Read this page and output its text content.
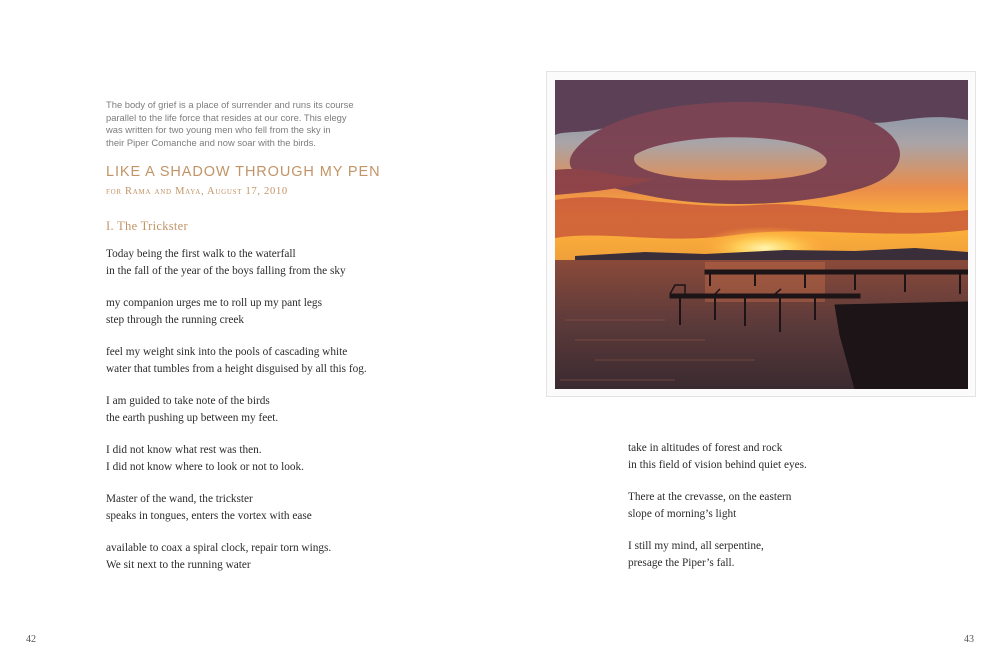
The body of grief is a place of surrender and runs its course
parallel to the life force that resides at our core. This elegy
was written for two young men who fell from the sky in
their Piper Comanche and now soar with the birds.
LIKE A SHADOW THROUGH MY PEN
for Rama and Maya, August 17, 2010
I. The Trickster
Today being the first walk to the waterfall
in the fall of the year of the boys falling from the sky
my companion urges me to roll up my pant legs
step through the running creek
feel my weight sink into the pools of cascading white
water that tumbles from a height disguised by all this fog.
I am guided to take note of the birds
the earth pushing up between my feet.
I did not know what rest was then.
I did not know where to look or not to look.
Master of the wand, the trickster
speaks in tongues, enters the vortex with ease
available to coax a spiral clock, repair torn wings.
We sit next to the running water
take in altitudes of forest and rock
in this field of vision behind quiet eyes.
There at the crevasse, on the eastern
slope of morning’s light
I still my mind, all serpentine,
presage the Piper’s fall.
42	43
